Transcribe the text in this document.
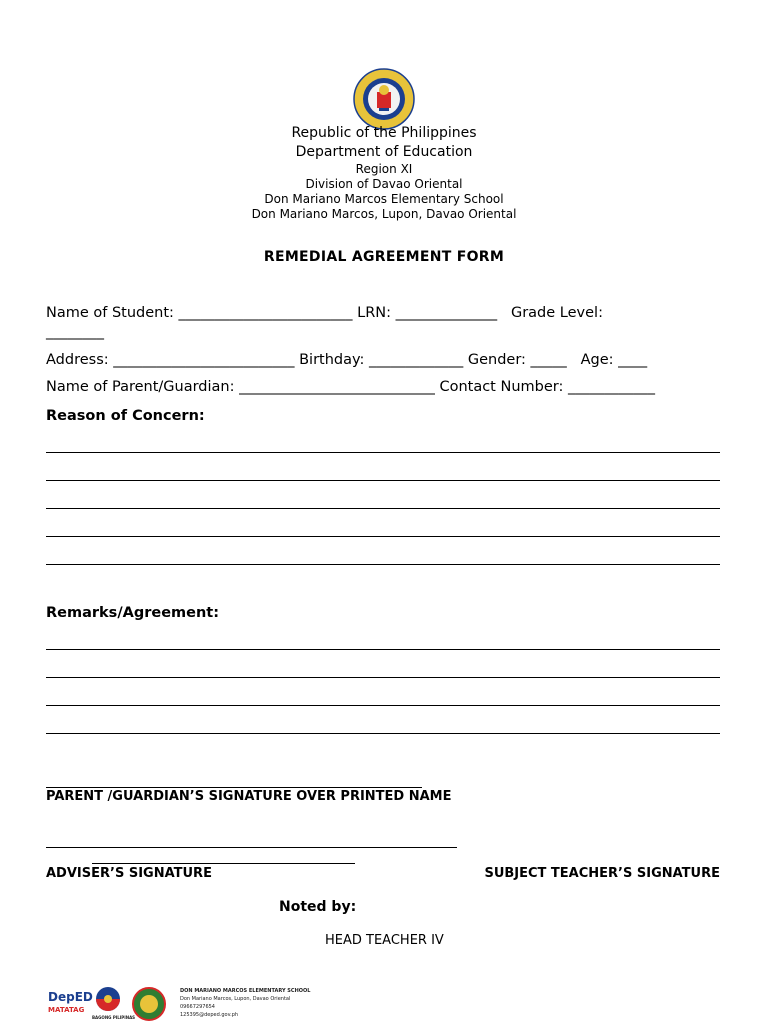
Republic of the Philippines
Department of Education
Region XI
Division of Davao Oriental
Don Mariano Marcos Elementary School
Don Mariano Marcos, Lupon, Davao Oriental
REMEDIAL AGREEMENT FORM
Name of Student: ________________________ LRN: ______________   Grade Level:
________
Address: _________________________ Birthday: _____________ Gender: _____   Age: ____
Name of Parent/Guardian: ___________________________ Contact Number: ____________
Reason of Concern:
Remarks/Agreement:
PARENT /GUARDIAN’S SIGNATURE OVER PRINTED NAME
ADVISER’S SIGNATURE	SUBJECT TEACHER’S SIGNATURE
Noted by:
HEAD TEACHER IV
DepED
MATATAG
BAGONG PILIPINAS
DON MARIANO MARCOS ELEMENTARY SCHOOL
Don Mariano Marcos, Lupon, Davao Oriental
09667297654
125395@deped.gov.ph
